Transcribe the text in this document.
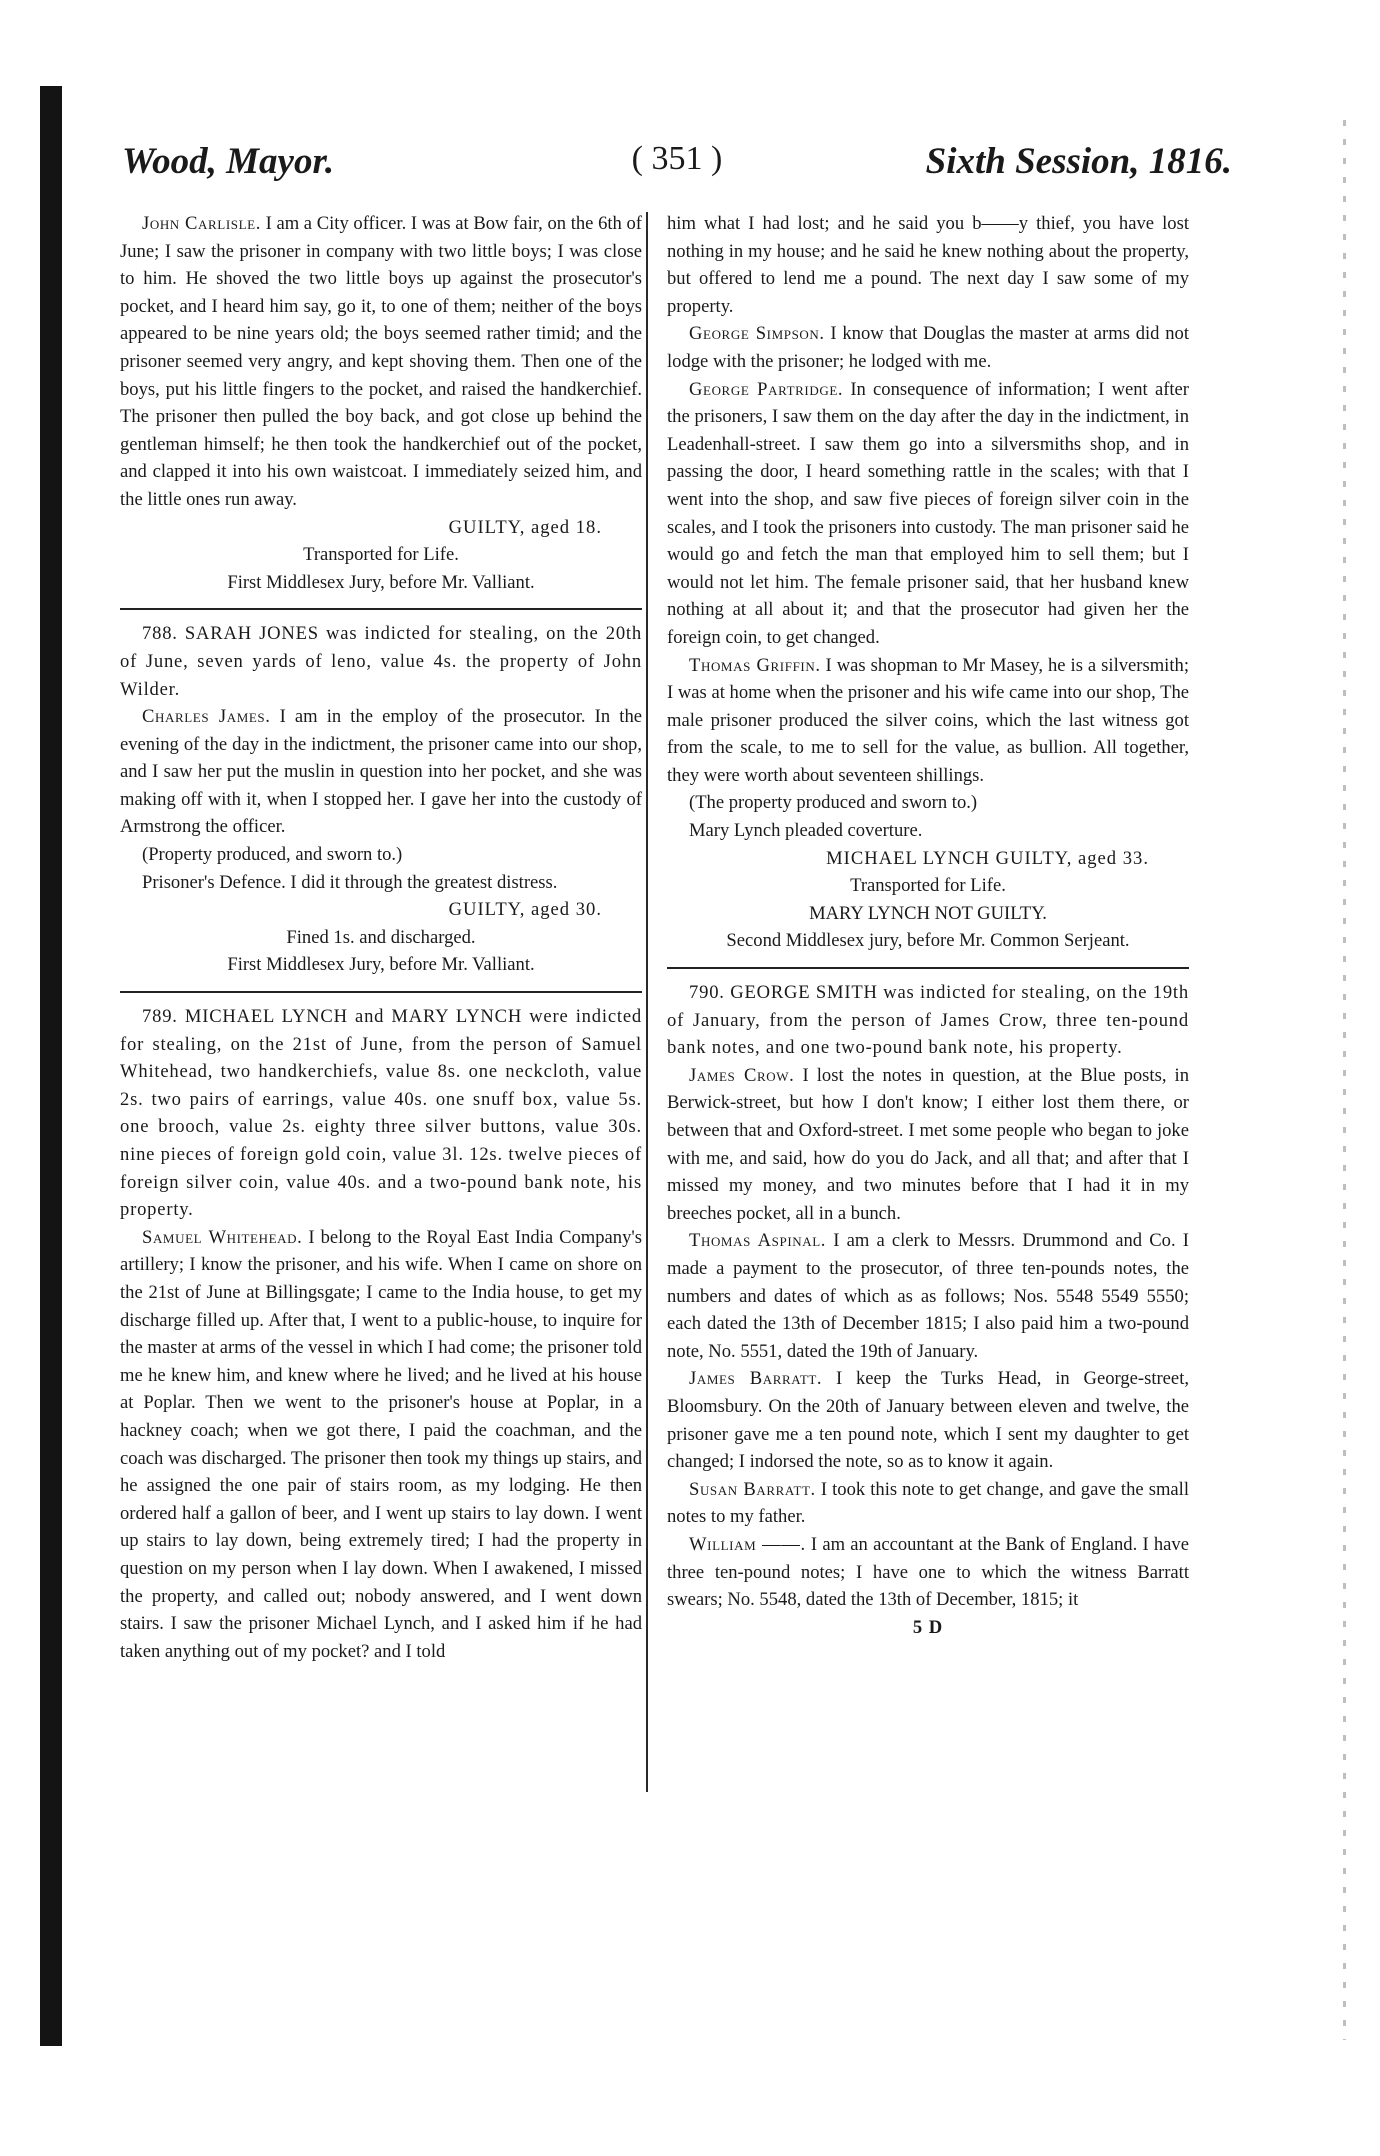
Wood, Mayor.	( 351 )	Sixth Session, 1816.

John Carlisle. I am a City officer. I was at Bow fair, on the 6th of June; I saw the prisoner in company with two little boys; I was close to him. He shoved the two little boys up against the prosecutor's pocket, and I heard him say, go it, to one of them; neither of the boys appeared to be nine years old; the boys seemed rather timid; and the prisoner seemed very angry, and kept shoving them. Then one of the boys, put his little fingers to the pocket, and raised the handkerchief. The prisoner then pulled the boy back, and got close up behind the gentleman himself; he then took the handkerchief out of the pocket, and clapped it into his own waistcoat. I immediately seized him, and the little ones run away.

GUILTY, aged 18.

Transported for Life.

First Middlesex Jury, before Mr. Valliant.

788. SARAH JONES was indicted for stealing, on the 20th of June, seven yards of leno, value 4s. the property of John Wilder.

Charles James. I am in the employ of the prosecutor. In the evening of the day in the indictment, the prisoner came into our shop, and I saw her put the muslin in question into her pocket, and she was making off with it, when I stopped her. I gave her into the custody of Armstrong the officer.

(Property produced, and sworn to.)

Prisoner's Defence. I did it through the greatest distress.

GUILTY, aged 30.

Fined 1s. and discharged.

First Middlesex Jury, before Mr. Valliant.

789. MICHAEL LYNCH and MARY LYNCH were indicted for stealing, on the 21st of June, from the person of Samuel Whitehead, two handkerchiefs, value 8s. one neckcloth, value 2s. two pairs of earrings, value 40s. one snuff box, value 5s. one brooch, value 2s. eighty three silver buttons, value 30s. nine pieces of foreign gold coin, value 3l. 12s. twelve pieces of foreign silver coin, value 40s. and a two-pound bank note, his property.

Samuel Whitehead. I belong to the Royal East India Company's artillery; I know the prisoner, and his wife. When I came on shore on the 21st of June at Billingsgate; I came to the India house, to get my discharge filled up. After that, I went to a public-house, to inquire for the master at arms of the vessel in which I had come; the prisoner told me he knew him, and knew where he lived; and he lived at his house at Poplar. Then we went to the prisoner's house at Poplar, in a hackney coach; when we got there, I paid the coachman, and the coach was discharged. The prisoner then took my things up stairs, and he assigned the one pair of stairs room, as my lodging. He then ordered half a gallon of beer, and I went up stairs to lay down. I went up stairs to lay down, being extremely tired; I had the property in question on my person when I lay down. When I awakened, I missed the property, and called out; nobody answered, and I went down stairs. I saw the prisoner Michael Lynch, and I asked him if he had taken anything out of my pocket? and I told

him what I had lost; and he said you b——y thief, you have lost nothing in my house; and he said he knew nothing about the property, but offered to lend me a pound. The next day I saw some of my property.

George Simpson. I know that Douglas the master at arms did not lodge with the prisoner; he lodged with me.

George Partridge. In consequence of information; I went after the prisoners, I saw them on the day after the day in the indictment, in Leadenhall-street. I saw them go into a silversmiths shop, and in passing the door, I heard something rattle in the scales; with that I went into the shop, and saw five pieces of foreign silver coin in the scales, and I took the prisoners into custody. The man prisoner said he would go and fetch the man that employed him to sell them; but I would not let him. The female prisoner said, that her husband knew nothing at all about it; and that the prosecutor had given her the foreign coin, to get changed.

Thomas Griffin. I was shopman to Mr Masey, he is a silversmith; I was at home when the prisoner and his wife came into our shop, The male prisoner produced the silver coins, which the last witness got from the scale, to me to sell for the value, as bullion. All together, they were worth about seventeen shillings.

(The property produced and sworn to.)

Mary Lynch pleaded coverture.

MICHAEL LYNCH GUILTY, aged 33.

Transported for Life.

MARY LYNCH NOT GUILTY.

Second Middlesex jury, before Mr. Common Serjeant.

790. GEORGE SMITH was indicted for stealing, on the 19th of January, from the person of James Crow, three ten-pound bank notes, and one two-pound bank note, his property.

James Crow. I lost the notes in question, at the Blue posts, in Berwick-street, but how I don't know; I either lost them there, or between that and Oxford-street. I met some people who began to joke with me, and said, how do you do Jack, and all that; and after that I missed my money, and two minutes before that I had it in my breeches pocket, all in a bunch.

Thomas Aspinal. I am a clerk to Messrs. Drummond and Co. I made a payment to the prosecutor, of three ten-pounds notes, the numbers and dates of which as as follows; Nos. 5548 5549 5550; each dated the 13th of December 1815; I also paid him a two-pound note, No. 5551, dated the 19th of January.

James Barratt. I keep the Turks Head, in George-street, Bloomsbury. On the 20th of January between eleven and twelve, the prisoner gave me a ten pound note, which I sent my daughter to get changed; I indorsed the note, so as to know it again.

Susan Barratt. I took this note to get change, and gave the small notes to my father.

William ——. I am an accountant at the Bank of England. I have three ten-pound notes; I have one to which the witness Barratt swears; No. 5548, dated the 13th of December, 1815; it

5 D
